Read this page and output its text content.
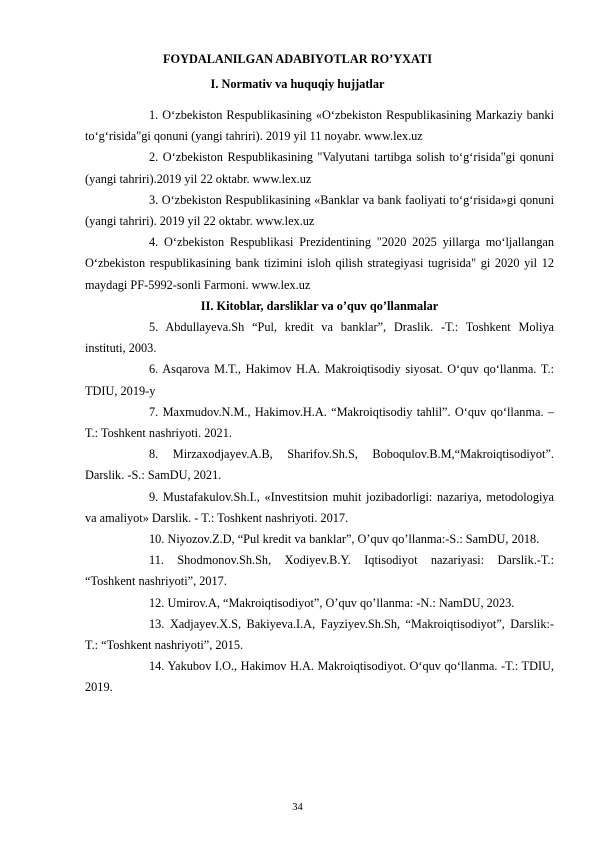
FOYDALANILGAN ADABIYOTLAR RO’YXATI
I. Normativ va huquqiy hujjatlar

1. O‘zbekiston Respublikasining «O‘zbekiston Respublikasining Markaziy banki to‘g‘risida"gi qonuni (yangi tahriri). 2019 yil 11 noyabr. www.lex.uz

2. O‘zbekiston Respublikasining "Valyutani tartibga solish to‘g‘risida"gi qonuni (yangi tahriri).2019 yil 22 oktabr. www.lex.uz

3. O‘zbekiston Respublikasining «Banklar va bank faoliyati to‘g‘risida»gi qonuni (yangi tahriri). 2019 yil 22 oktabr. www.lex.uz

4. O‘zbekiston Respublikasi Prezidentining "2020 2025 yillarga mo‘ljallangan O‘zbekiston respublikasining bank tizimini isloh qilish strategiyasi tugrisida" gi 2020 yil 12 maydagi PF-5992-sonli Farmoni. www.lex.uz

II. Kitoblar, darsliklar va o’quv qo’llanmalar

5. Abdullayeva.Sh “Pul, kredit va banklar”, Draslik. -T.: Toshkent Moliya instituti, 2003.

6. Asqarova M.T., Hakimov H.A. Makroiqtisodiy siyosat. O‘quv qo‘llanma. T.: TDIU, 2019-y

7. Maxmudov.N.M., Hakimov.H.A. “Makroiqtisodiy tahlil”. O‘quv qo‘llanma. – T.: Toshkent nashriyoti. 2021.

8. Mirzaxodjayev.A.B, Sharifov.Sh.S, Boboqulov.B.M,“Makroiqtisodiyot”. Darslik. -S.: SamDU, 2021.

9. Mustafakulov.Sh.I., «Investitsion muhit jozibadorligi: nazariya, metodologiya va amaliyot» Darslik. - T.: Toshkent nashriyoti. 2017.

10. Niyozov.Z.D, “Pul kredit va banklar”, O’quv qo’llanma:-S.: SamDU, 2018.

11. Shodmonov.Sh.Sh, Xodiyev.B.Y. Iqtisodiyot nazariyasi: Darslik.-T.: “Toshkent nashriyoti”, 2017.

12. Umirov.A, “Makroiqtisodiyot”, O’quv qo’llanma: -N.: NamDU, 2023.

13. Xadjayev.X.S, Bakiyeva.I.A, Fayziyev.Sh.Sh, “Makroiqtisodiyot”, Darslik:-T.: “Toshkent nashriyoti”, 2015.

14. Yakubov I.O., Hakimov H.A. Makroiqtisodiyot. O‘quv qo‘llanma. -T.: TDIU, 2019.

34
